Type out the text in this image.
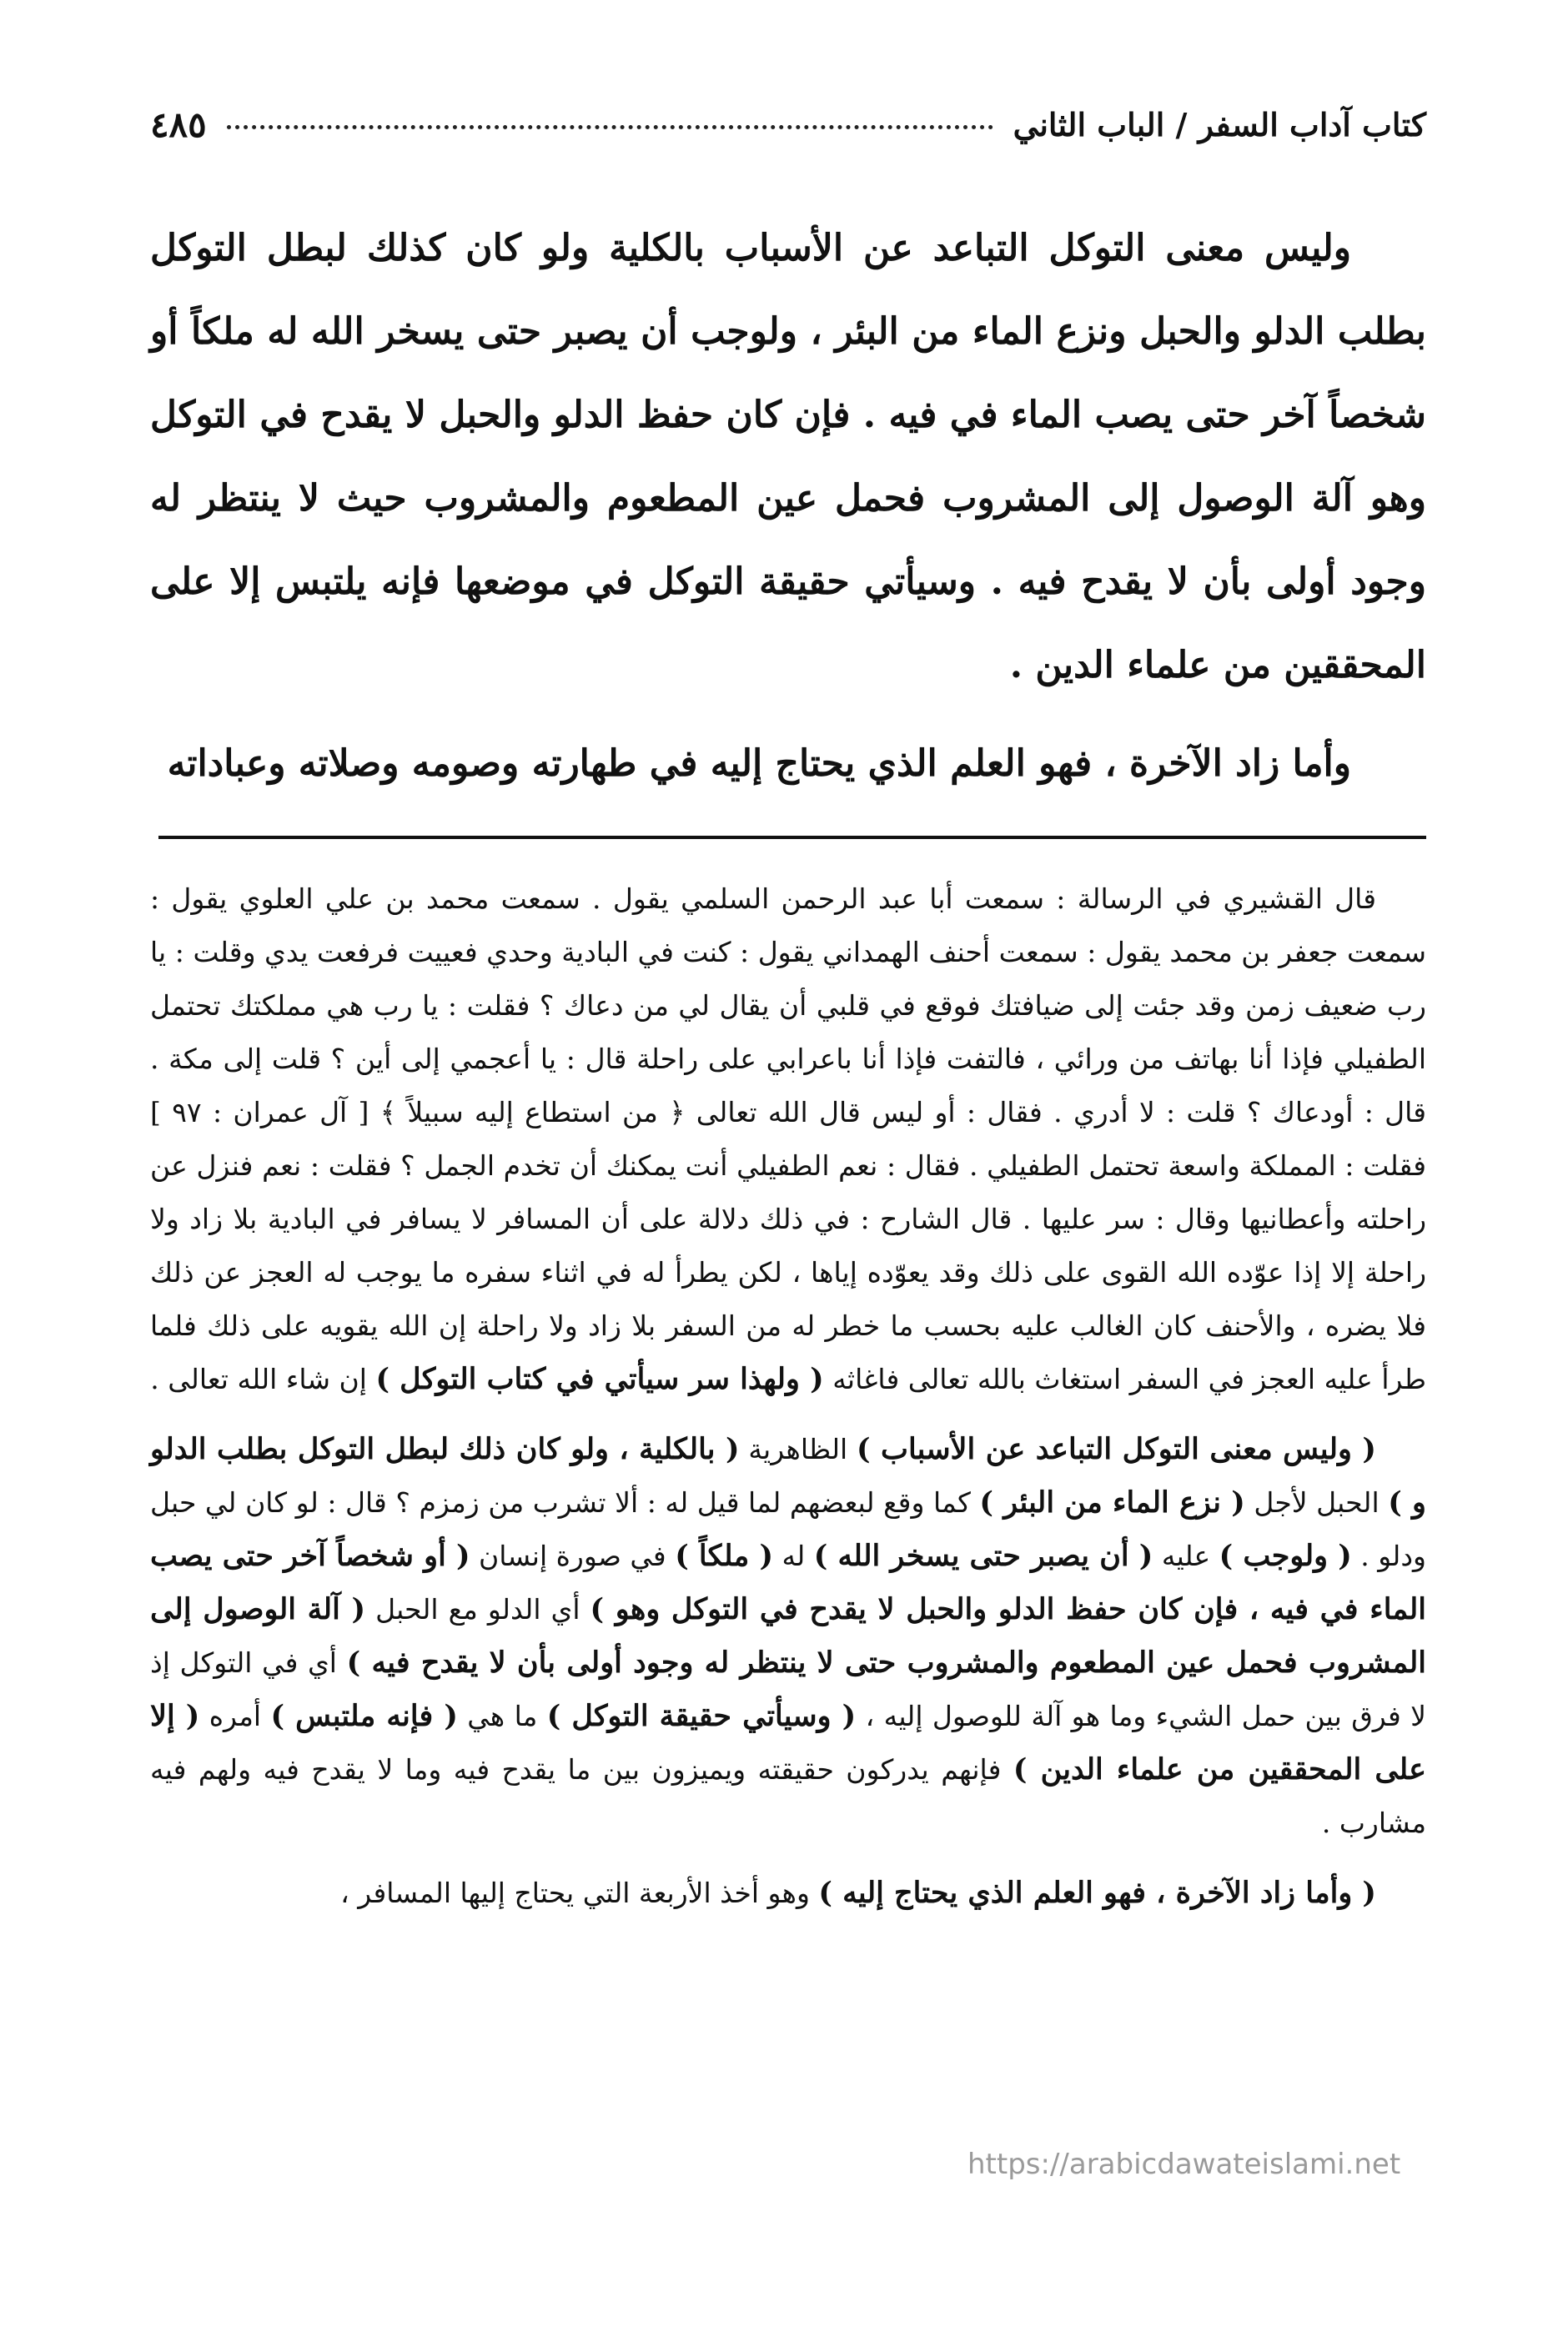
كتاب آداب السفر / الباب الثاني
٤٨٥

وليس معنى التوكل التباعد عن الأسباب بالكلية ولو كان كذلك لبطل التوكل بطلب الدلو والحبل ونزع الماء من البئر ، ولوجب أن يصبر حتى يسخر الله له ملكاً أو شخصاً آخر حتى يصب الماء في فيه . فإن كان حفظ الدلو والحبل لا يقدح في التوكل وهو آلة الوصول إلى المشروب فحمل عين المطعوم والمشروب حيث لا ينتظر له وجود أولى بأن لا يقدح فيه . وسيأتي حقيقة التوكل في موضعها فإنه يلتبس إلا على المحققين من علماء الدين .

وأما زاد الآخرة ، فهو العلم الذي يحتاج إليه في طهارته وصومه وصلاته وعباداته

قال القشيري في الرسالة : سمعت أبا عبد الرحمن السلمي يقول . سمعت محمد بن علي العلوي يقول : سمعت جعفر بن محمد يقول : سمعت أحنف الهمداني يقول : كنت في البادية وحدي فعييت فرفعت يدي وقلت : يا رب ضعيف زمن وقد جئت إلى ضيافتك فوقع في قلبي أن يقال لي من دعاك ؟ فقلت : يا رب هي مملكتك تحتمل الطفيلي فإذا أنا بهاتف من ورائي ، فالتفت فإذا أنا باعرابي على راحلة قال : يا أعجمي إلى أين ؟ قلت إلى مكة . قال : أودعاك ؟ قلت : لا أدري . فقال : أو ليس قال الله تعالى ﴿ من استطاع إليه سبيلاً ﴾ [ آل عمران : ٩٧ ] فقلت : المملكة واسعة تحتمل الطفيلي . فقال : نعم الطفيلي أنت يمكنك أن تخدم الجمل ؟ فقلت : نعم فنزل عن راحلته وأعطانيها وقال : سر عليها . قال الشارح : في ذلك دلالة على أن المسافر لا يسافر في البادية بلا زاد ولا راحلة إلا إذا عوّده الله القوى على ذلك وقد يعوّده إياها ، لكن يطرأ له في اثناء سفره ما يوجب له العجز عن ذلك فلا يضره ، والأحنف كان الغالب عليه بحسب ما خطر له من السفر بلا زاد ولا راحلة إن الله يقويه على ذلك فلما طرأ عليه العجز في السفر استغاث بالله تعالى فاغاثه ( ولهذا سر سيأتي في كتاب التوكل ) إن شاء الله تعالى .

( وليس معنى التوكل التباعد عن الأسباب ) الظاهرية ( بالكلية ، ولو كان ذلك لبطل التوكل بطلب الدلو و ) الحبل لأجل ( نزع الماء من البئر ) كما وقع لبعضهم لما قيل له : ألا تشرب من زمزم ؟ قال : لو كان لي حبل ودلو . ( ولوجب ) عليه ( أن يصبر حتى يسخر الله ) له ( ملكاً ) في صورة إنسان ( أو شخصاً آخر حتى يصب الماء في فيه ، فإن كان حفظ الدلو والحبل لا يقدح في التوكل وهو ) أي الدلو مع الحبل ( آلة الوصول إلى المشروب فحمل عين المطعوم والمشروب حتى لا ينتظر له وجود أولى بأن لا يقدح فيه ) أي في التوكل إذ لا فرق بين حمل الشيء وما هو آلة للوصول إليه ، ( وسيأتي حقيقة التوكل ) ما هي ( فإنه ملتبس ) أمره ( إلا على المحققين من علماء الدين ) فإنهم يدركون حقيقته ويميزون بين ما يقدح فيه وما لا يقدح فيه ولهم فيه مشارب .

( وأما زاد الآخرة ، فهو العلم الذي يحتاج إليه ) وهو أخذ الأربعة التي يحتاج إليها المسافر ،

https://arabicdawateislami.net
